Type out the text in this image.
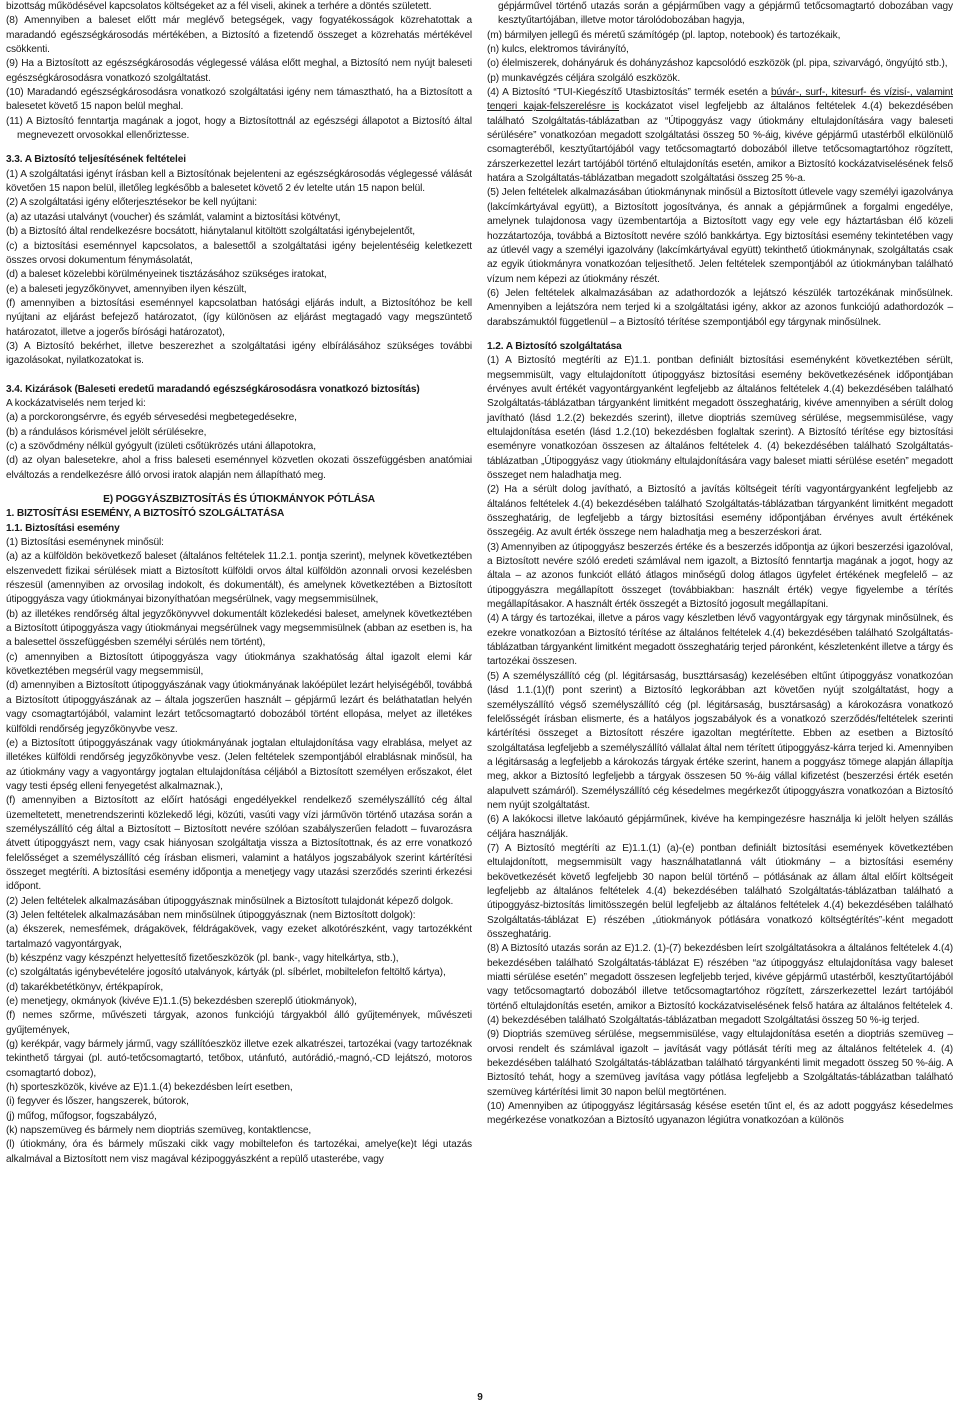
bizottság működésével kapcsolatos költségeket az a fél viseli, akinek a terhére a döntés született.

(8) Amennyiben a baleset előtt már meglévő betegségek, vagy fogyatékosságok közrehatottak a maradandó egészségkárosodás mértékében, a Biztosító a fizetendő összeget a közrehatás mértékével csökkenti.

(9) Ha a Biztosított az egészségkárosodás véglegessé válása előtt meghal, a Biztosító nem nyújt baleseti egészségkárosodásra vonatkozó szolgáltatást.

(10) Maradandó egészségkárosodásra vonatkozó szolgáltatási igény nem támasztható, ha a Biztosított a balesetet követő 15 napon belül meghal.

(11) A Biztosító fenntartja magának a jogot, hogy a Biztosítottnál az egészségi állapotot a Biztosító által megnevezett orvosokkal ellenőriztesse.

3.3. A Biztosító teljesítésének feltételei

(1) A szolgáltatási igényt írásban kell a Biztosítónak bejelenteni az egészségkárosodás véglegessé válását követően 15 napon belül, illetőleg legkésőbb a balesetet követő 2 év letelte után 15 napon belül.

(2) A szolgáltatási igény előterjesztésekor be kell nyújtani:

(a) az utazási utalványt (voucher) és számlát, valamint a biztosítási kötvényt,

(b) a Biztosító által rendelkezésre bocsátott, hiánytalanul kitöltött szolgáltatási igénybejelentőt,

(c) a biztosítási eseménnyel kapcsolatos, a balesettől a szolgáltatási igény bejelentéséig keletkezett összes orvosi dokumentum fénymásolatát,

(d) a baleset közelebbi körülményeinek tisztázásához szükséges iratokat,

(e) a baleseti jegyzőkönyvet, amennyiben ilyen készült,

(f) amennyiben a biztosítási eseménnyel kapcsolatban hatósági eljárás indult, a Biztosítóhoz be kell nyújtani az eljárást befejező határozatot, (így különösen az eljárást megtagadó vagy megszüntető határozatot, illetve a jogerős bírósági határozatot),

(3) A Biztosító bekérhet, illetve beszerezhet a szolgáltatási igény elbírálásához szükséges további igazolásokat, nyilatkozatokat is.

3.4. Kizárások (Baleseti eredetű maradandó egészségkárosodásra vonatkozó biztosítás)

A kockázatviselés nem terjed ki:

(a) a porckorongsérvre, és egyéb sérvesedési megbetegedésekre,

(b) a rándulásos kórismével jelölt sérülésekre,

(c) a szövődmény nélkül gyógyult (izületi csőtükrözés utáni állapotokra,

(d) az olyan balesetekre, ahol a friss baleseti eseménnyel közvetlen okozati összefüggésben anatómiai elváltozás a rendelkezésre álló orvosi iratok alapján nem állapítható meg.

E) POGGYÁSZBIZTOSÍTÁS ÉS ÚTIOKMÁNYOK PÓTLÁSA

1. BIZTOSÍTÁSI ESEMÉNY, A BIZTOSÍTÓ SZOLGÁLTATÁSA

1.1. Biztosítási esemény

(1) Biztosítási eseménynek minősül:

(a) az a külföldön bekövetkező baleset (általános feltételek 11.2.1. pontja szerint), melynek következtében elszenvedett fizikai sérülések miatt a Biztosított külföldi orvos által külföldön azonnali orvosi kezelésben részesül (amennyiben az orvosilag indokolt, és dokumentált), és amelynek következtében a Biztosított útipoggyásza vagy útiokmányai bizonyíthatóan megsérülnek, vagy megsemmisülnek,

(b) az illetékes rendőrség által jegyzőkönyvvel dokumentált közlekedési baleset, amelynek következtében a Biztosított útipoggyásza vagy útiokmányai megsérülnek vagy megsemmisülnek (abban az esetben is, ha a balesettel összefüggésben személyi sérülés nem történt),

(c) amennyiben a Biztosított útipoggyásza vagy útiokmánya szakhatóság által igazolt elemi kár következtében megsérül vagy megsemmisül,

(d) amennyiben a Biztosított útipoggyászának vagy útiokmányának lakóépület lezárt helyiségéből, továbbá a Biztosított útipoggyászának az – általa jogszerűen használt – gépjármű lezárt és beláthatatlan helyén vagy csomagtartójából, valamint lezárt tetőcsomagtartó dobozából történt ellopása, melyet az illetékes külföldi rendőrség jegyzőkönyvbe vesz.

(e) a Biztosított útipoggyászának vagy útiokmányának jogtalan eltulajdonítása vagy elrablása, melyet az illetékes külföldi rendőrség jegyzőkönyvbe vesz. (Jelen feltételek szempontjából elrablásnak minősül, ha az útiokmány vagy a vagyontárgy jogtalan eltulajdonítása céljából a Biztosított személyen erőszakot, élet vagy testi épség elleni fenyegetést alkalmaznak.),

(f) amennyiben a Biztosított az előírt hatósági engedélyekkel rendelkező személyszállító cég által üzemeltetett, menetrendszerinti közlekedő légi, közúti, vasúti vagy vízi járművön történő utazása során a személyszállító cég által a Biztosított – Biztosított nevére szólóan szabályszerűen feladott – fuvarozásra átvett útipoggyászt nem, vagy csak hiányosan szolgáltatja vissza a Biztosítottnak, és az erre vonatkozó felelősséget a személyszállító cég írásban elismeri, valamint a hatályos jogszabályok szerint kártérítési összeget megtéríti. A biztosítási esemény időpontja a menetjegy vagy utazási szerződés szerinti érkezési időpont.

(2) Jelen feltételek alkalmazásában útipoggyásznak minősülnek a Biztosított tulajdonát képező dolgok.

(3) Jelen feltételek alkalmazásában nem minősülnek útipoggyásznak (nem Biztosított dolgok):

(a) ékszerek, nemesfémek, drágakövek, féldrágakövek, vagy ezeket alkotórészként, vagy tartozékként tartalmazó vagyontárgyak,

(b) készpénz vagy készpénzt helyettesítő fizetőeszközök (pl. bank-, vagy hitelkártya, stb.),

(c) szolgáltatás igénybevételére jogosító utalványok, kártyák (pl. síbérlet, mobiltelefon feltöltő kártya),

(d) takarékbetétkönyv, értékpapírok,

(e) menetjegy, okmányok (kivéve E)1.1.(5) bekezdésben szereplő útiokmányok),

(f) nemes szőrme, művészeti tárgyak, azonos funkciójú tárgyakból álló gyűjtemények, művészeti gyűjtemények,

(g) kerékpár, vagy bármely jármű, vagy szállítóeszköz illetve ezek alkatrészei, tartozékai (vagy tartozéknak tekinthető tárgyai (pl. autó-tetőcsomagtartó, tetőbox, utánfutó, autórádió,-magnó,-CD lejátszó, motoros csomagtartó doboz),

(h) sporteszközök, kivéve az E)1.1.(4) bekezdésben leírt esetben,

(i) fegyver és lőszer, hangszerek, bútorok,

(j) műfog, műfogsor, fogszabályzó,

(k) napszemüveg és bármely nem dioptriás szemüveg, kontaktlencse,

(l) útiokmány, óra és bármely műszaki cikk vagy mobiltelefon és tartozékai, amelye(ke)t légi utazás alkalmával a Biztosított nem visz magával kézipoggyászként a repülő utasterébe, vagy

gépjárművel történő utazás során a gépjárműben vagy a gépjármű tetőcsomagtartó dobozában vagy kesztyűtartójában, illetve motor tárolódobozában hagyja,

(m) bármilyen jellegű és méretű számítógép (pl. laptop, notebook) és tartozékaik,

(n) kulcs, elektromos távirányító,

(o) élelmiszerek, dohányáruk és dohányzáshoz kapcsolódó eszközök (pl. pipa, szivarvágó, öngyújtó stb.),

(p) munkavégzés céljára szolgáló eszközök.

(4) A Biztosító “TUI-Kiegészítő Utasbiztosítás” termék esetén a búvár-, surf-, kitesurf- és vízisí-, valamint tengeri kajak-felszerelésre is kockázatot visel legfeljebb az általános feltételek 4.(4) bekezdésében található Szolgáltatás-táblázatban az “Útipoggyász vagy útiokmány eltulajdonítására vagy baleseti sérülésére” vonatkozóan megadott szolgáltatási összeg 50 %-áig, kivéve gépjármű utastérből elkülönülő csomagteréből, kesztyűtartójából vagy tetőcsomagtartó dobozából illetve tetőcsomagtartóhoz rögzített, zárszerkezettel lezárt tartójából történő eltulajdonítás esetén, amikor a Biztosító kockázatviselésének felső határa a Szolgáltatás-táblázatban megadott szolgáltatási összeg 25 %-a.

(5) Jelen feltételek alkalmazásában útiokmánynak minősül a Biztosított útlevele vagy személyi igazolványa (lakcímkártyával együtt), a Biztosított jogosítványa, és annak a gépjárműnek a forgalmi engedélye, amelynek tulajdonosa vagy üzembentartója a Biztosított vagy egy vele egy háztartásban élő közeli hozzátartozója, továbbá a Biztosított nevére szóló bankkártya. Egy biztosítási esemény tekintetében vagy az útlevél vagy a személyi igazolvány (lakcímkártyával együtt) tekinthető útiokmánynak, szolgáltatás csak az egyik útiokmányra vonatkozóan teljesíthető. Jelen feltételek szempontjából az útiokmányban található vízum nem képezi az útiokmány részét.

(6) Jelen feltételek alkalmazásában az adathordozók a lejátszó készülék tartozékának minősülnek. Amennyiben a lejátszóra nem terjed ki a szolgáltatási igény, akkor az azonos funkciójú adathordozók – darabszámuktól függetlenül – a Biztosító térítése szempontjából egy tárgynak minősülnek.

1.2. A Biztosító szolgáltatása

(1) A Biztosító megtéríti az E)1.1. pontban definiált biztosítási eseményként következtében sérült, megsemmisült, vagy eltulajdonított útipoggyász biztosítási esemény bekövetkezésének időpontjában érvényes avult értékét vagyontárgyanként legfeljebb az általános feltételek 4.(4) bekezdésében található Szolgáltatás-táblázatban tárgyanként limitként megadott összeghatárig, kivéve amennyiben a sérült dolog javítható (lásd 1.2.(2) bekezdés szerint), illetve dioptriás szemüveg sérülése, megsemmisülése, vagy eltulajdonítása esetén (lásd 1.2.(10) bekezdésben foglaltak szerint). A Biztosító térítése egy biztosítási eseményre vonatkozóan összesen az általános feltételek 4. (4) bekezdésében található Szolgáltatás-táblázatban „Útipoggyász vagy útiokmány eltulajdonítására vagy baleset miatti sérülése esetén” megadott összeget nem haladhatja meg.

(2) Ha a sérült dolog javítható, a Biztosító a javítás költségeit téríti vagyontárgyanként legfeljebb az általános feltételek 4.(4) bekezdésében található Szolgáltatás-táblázatban tárgyanként limitként megadott összeghatárig, de legfeljebb a tárgy biztosítási esemény időpontjában érvényes avult értékének összegéig. Az avult érték összege nem haladhatja meg a beszerzéskori árat.

(3) Amennyiben az útipoggyász beszerzés értéke és a beszerzés időpontja az újkori beszerzési igazolóval, a Biztosított nevére szóló eredeti számlával nem igazolt, a Biztosító fenntartja magának a jogot, hogy az általa – az azonos funkciót ellátó átlagos minőségű dolog átlagos ügyfelet értékének megfelelő – az útipoggyászra megállapított összeget (továbbiakban: használt érték) vegye figyelembe a térítés megállapításakor. A használt érték összegét a Biztosító jogosult megállapítani.

(4) A tárgy és tartozékai, illetve a páros vagy készletben lévő vagyontárgyak egy tárgynak minősülnek, és ezekre vonatkozóan a Biztosító térítése az általános feltételek 4.(4) bekezdésében található Szolgáltatás-táblázatban tárgyanként limitként megadott összeghatárig terjed páronként, készletenként illetve a tárgy és tartozékai összesen.

(5) A személyszállító cég (pl. légitársaság, buszttársaság) kezelésében eltűnt útipoggyász vonatkozóan (lásd 1.1.(1)(f) pont szerint) a Biztosító legkorábban azt követően nyújt szolgáltatást, hogy a személyszállító végső személyszállító cég (pl. légitársaság, busztársaság) a károkozásra vonatkozó felelősségét írásban elismerte, és a hatályos jogszabályok és a vonatkozó szerződés/feltételek szerinti kártérítési összeget a Biztosított részére igazoltan megtérítette. Ebben az esetben a Biztosító szolgáltatása legfeljebb a személyszállító vállalat által nem térített útipoggyász-kárra terjed ki. Amennyiben a légitársaság a legfeljebb a károkozás tárgyak értéke szerint, hanem a poggyász tömege alapján állapítja meg, akkor a Biztosító legfeljebb a tárgyak összesen 50 %-áig vállal kifizetést (beszerzési érték esetén alapulvett számáról). Személyszállító cég késedelmes megérkezőt útipoggyászra vonatkozóan a Biztosító nem nyújt szolgáltatást.

(6) A lakókocsi illetve lakóautó gépjárműnek, kivéve ha kempingezésre használja ki jelölt helyen szállás céljára használják.

(7) A Biztosító megtéríti az E)1.1.(1) (a)-(e) pontban definiált biztosítási események következtében eltulajdonított, megsemmisült vagy használhatatlanná vált útiokmány – a biztosítási esemény bekövetkezését követő legfeljebb 30 napon belül történő – pótlásának az állam által előírt költségeit legfeljebb az általános feltételek 4.(4) bekezdésében található Szolgáltatás-táblázatban található a útipoggyász-biztosítás limitösszegén belül legfeljebb az általános feltételek 4.(4) bekezdésében található Szolgáltatás-táblázat E) részében „útiokmányok pótlására vonatkozó költségtérítés”-ként megadott összeghatárig.

(8) A Biztosító utazás során az E)1.2. (1)-(7) bekezdésben leírt szolgáltatásokra a általános feltételek 4.(4) bekezdésében található Szolgáltatás-táblázat E) részében “az útipoggyász eltulajdonítása vagy baleset miatti sérülése esetén” megadott összesen legfeljebb terjed, kivéve gépjármű utastérből, kesztyűtartójából vagy tetőcsomagtartó dobozából illetve tetőcsomagtartóhoz rögzített, zárszerkezettel lezárt tartójából történő eltulajdonítás esetén, amikor a Biztosító kockázatviselésének felső határa az általános feltételek 4.(4) bekezdésében található Szolgáltatás-táblázatban megadott Szolgáltatási összeg 50 %-ig terjed.

(9) Dioptriás szemüveg sérülése, megsemmisülése, vagy eltulajdonítása esetén a dioptriás szemüveg – orvosi rendelt és számlával igazolt – javítását vagy pótlását téríti meg az általános feltételek 4. (4) bekezdésében található Szolgáltatás-táblázatban található tárgyankénti limit megadott összeg 50 %-áig. A Biztosító tehát, hogy a szemüveg javítása vagy pótlása legfeljebb a Szolgáltatás-táblázatban található szemüveg kártérítési limit 30 napon belül megtörténen.

(10) Amennyiben az útipoggyász légitársaság késése esetén tűnt el, és az adott poggyász késedelmes megérkezése vonatkozóan a Biztosító ugyanazon légiútra vonatkozóan a különös

9
